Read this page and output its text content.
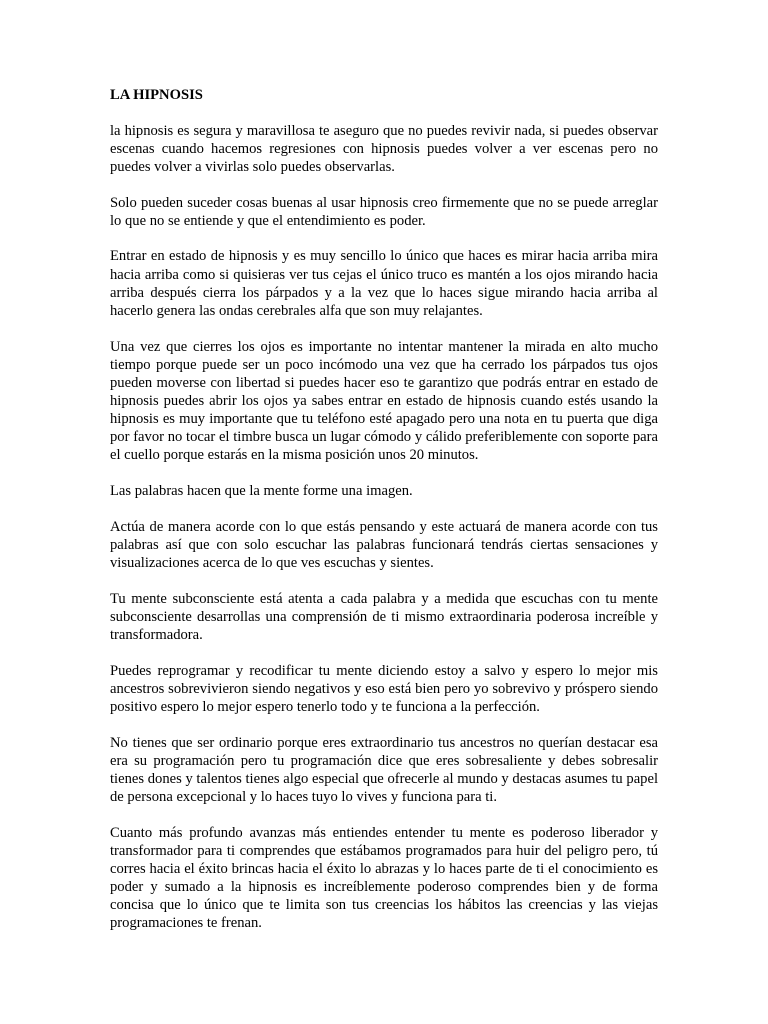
LA HIPNOSIS

la hipnosis es segura y maravillosa te aseguro que no puedes revivir nada, si puedes observar escenas cuando hacemos regresiones con hipnosis puedes volver a ver escenas pero no puedes volver a vivirlas solo puedes observarlas.

Solo pueden suceder cosas buenas al usar hipnosis creo firmemente que no se puede arreglar lo que no se entiende y que el entendimiento es poder.

Entrar en estado de hipnosis y es muy sencillo lo único que haces es mirar hacia arriba mira hacia arriba como si quisieras ver tus cejas el único truco es mantén a los ojos mirando hacia arriba después cierra los párpados y a la vez que lo haces sigue mirando hacia arriba al hacerlo genera las ondas cerebrales alfa que son muy relajantes.

Una vez que cierres los ojos es importante no intentar mantener la mirada en alto mucho tiempo porque puede ser un poco incómodo una vez que ha cerrado los párpados tus ojos pueden moverse con libertad si puedes hacer eso te garantizo que podrás entrar en estado de hipnosis puedes abrir los ojos ya sabes entrar en estado de hipnosis cuando estés usando la hipnosis es muy importante que tu teléfono esté apagado pero una nota en tu puerta que diga por favor no tocar el timbre busca un lugar cómodo y cálido preferiblemente con soporte para el cuello porque estarás en la misma posición unos 20 minutos.

Las palabras hacen que la mente forme una imagen.

Actúa de manera acorde con lo que estás pensando y este actuará de manera acorde con tus palabras así que con solo escuchar las palabras funcionará tendrás ciertas sensaciones y visualizaciones acerca de lo que ves escuchas y sientes.

Tu mente subconsciente está atenta a cada palabra y a medida que escuchas con tu mente subconsciente desarrollas una comprensión de ti mismo extraordinaria poderosa increíble y transformadora.

Puedes reprogramar y recodificar tu mente diciendo estoy a salvo y espero lo mejor mis ancestros sobrevivieron siendo negativos y eso está bien pero yo sobrevivo y próspero siendo positivo espero lo mejor espero tenerlo todo y te funciona a la perfección.

No tienes que ser ordinario porque eres extraordinario tus ancestros no querían destacar esa era su programación pero tu programación dice que eres sobresaliente y debes sobresalir tienes dones y talentos tienes algo especial que ofrecerle al mundo y destacas asumes tu papel de persona excepcional y lo haces tuyo lo vives y funciona para ti.

Cuanto más profundo avanzas más entiendes entender tu mente es poderoso liberador y transformador para ti comprendes que estábamos programados para huir del peligro pero, tú corres hacia el éxito brincas hacia el éxito lo abrazas y lo haces parte de ti el conocimiento es poder y sumado a la hipnosis es increíblemente poderoso comprendes bien y de forma concisa que lo único que te limita son tus creencias los hábitos las creencias y las viejas programaciones te frenan.
